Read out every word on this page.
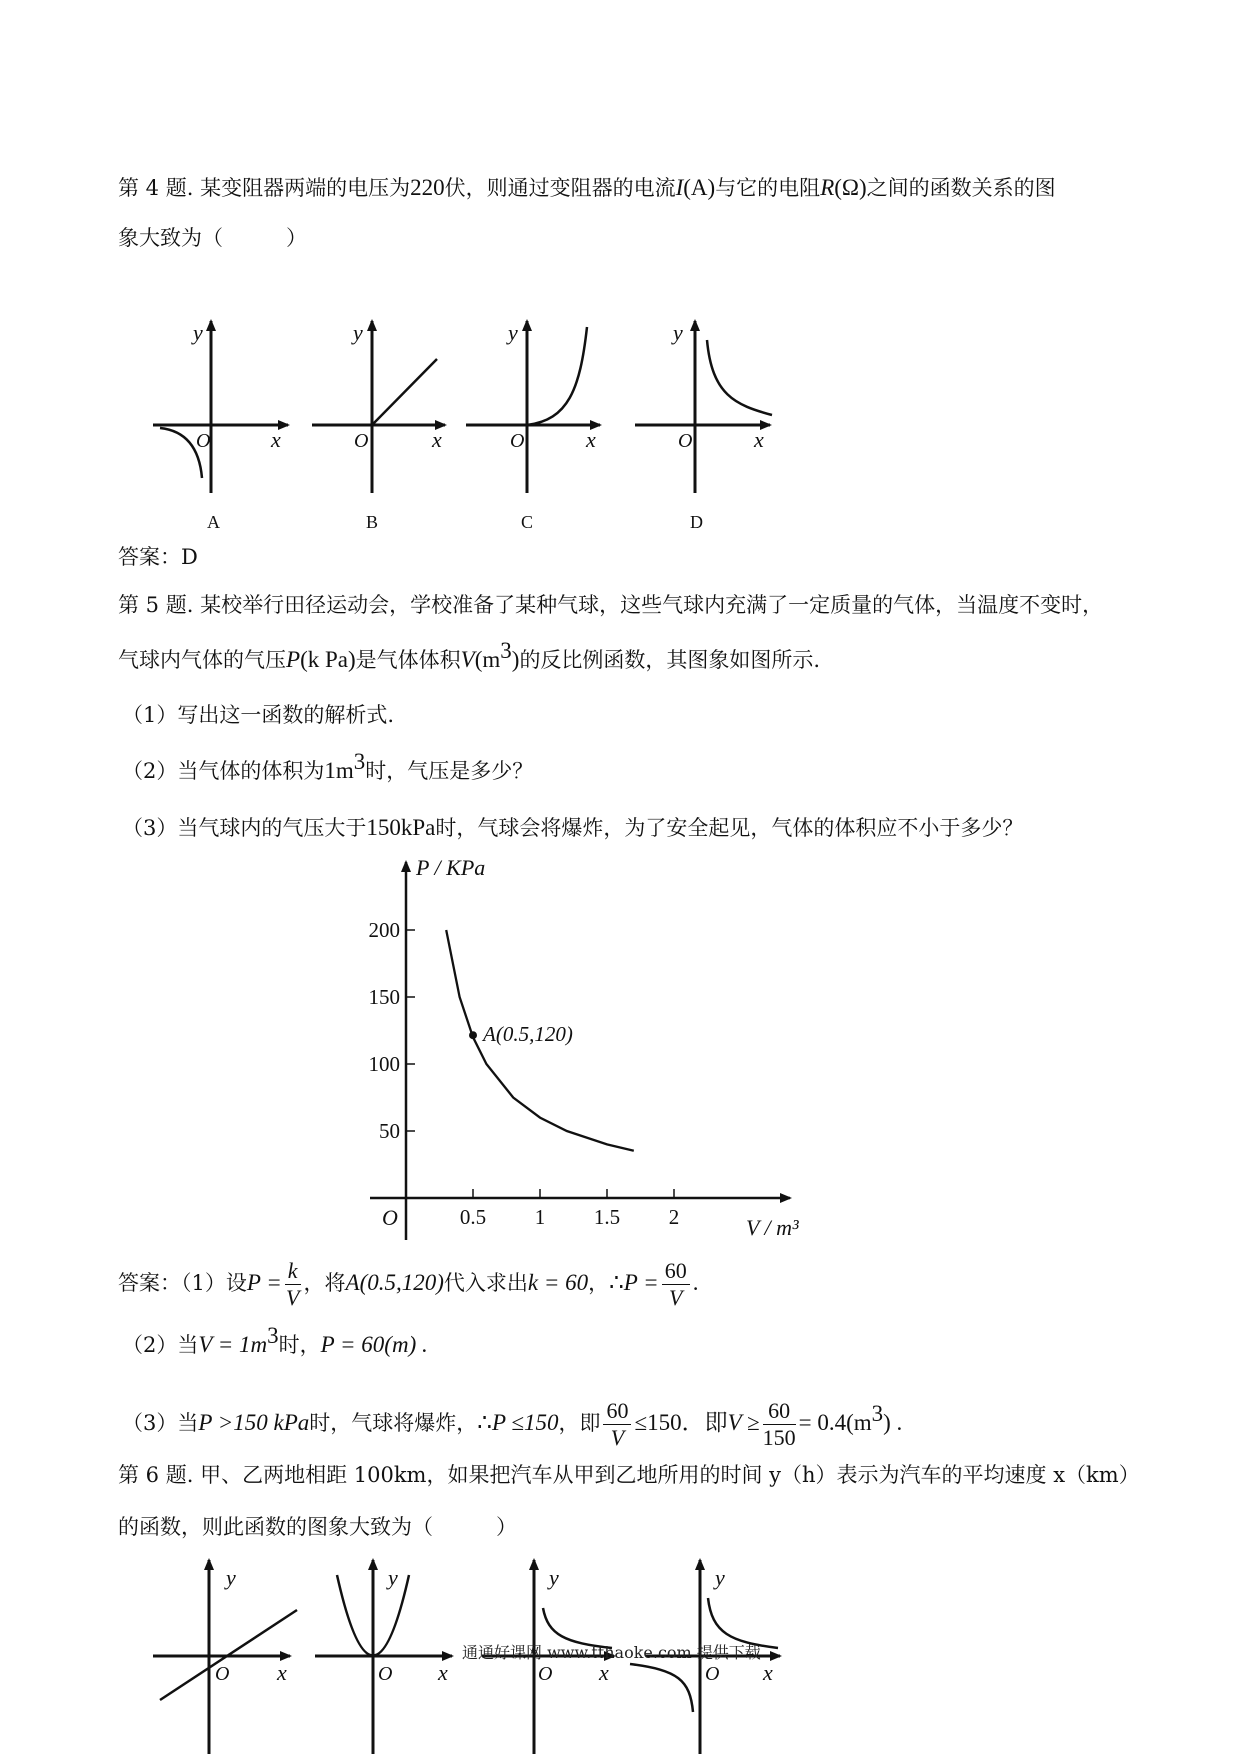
第 4 题. 某变阻器两端的电压为220伏，则通过变阻器的电流I(A)与它的电阻R(Ω)之间的函数关系的图
象大致为（　　　）
y
O	x
A
y
O	x
B
y
O	x
C
y
O	x
D
答案：D
第 5 题. 某校举行田径运动会，学校准备了某种气球，这些气球内充满了一定质量的气体，当温度不变时，
气球内气体的气压P(k Pa)是气体体积$V(m^3)$的反比例函数，其图象如图所示.
（1）写出这一函数的解析式.
（2）当气体的体积为$1m^3$时，气压是多少？
（3）当气球内的气压大于150kPa时，气球会将爆炸，为了安全起见，气体的体积应不小于多少？
0.5 1 1.5 2
50
100
150
200
A(0.5,120)
P / KPa
V / m³
O
答案：（1）设$P = \frac{k}{V}$ ，将A(0.5,120)代入求出k = 60，∴P = $\frac{60}{V}$ .
（2）当$V = 1m^3$时，P = 60(m) .
（3）当P >150 kPa时，气球将爆炸，∴P ≤150，即 $\frac{60}{V} \le 150$．即$V \ge \frac{60}{150} = 0.4(m^3)$ .
第 6 题. 甲、乙两地相距 100km，如果把汽车从甲到乙地所用的时间 y（h）表示为汽车的平均速度 x（km）
的函数，则此函数的图象大致为（　　　）
y
O x
y
O x
y
O x
y
O x
通通好课网 www.tthaoke.com 提供下载
